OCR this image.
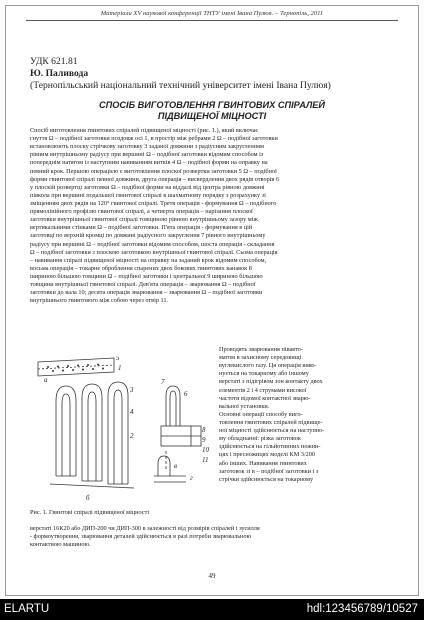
Матеріали XV наукової конференції ТНТУ імені Івана Пулюя. – Тернопіль, 2011
УДК 621.81
Ю. Паливода
(Тернопільський національний технічний університет імені Івана Пулюя)
СПОСІБ ВИГОТОВЛЕННЯ ГВИНТОВИХ СПІРАЛЕЙ
ПІДВИЩЕНОЇ МІЦНОСТІ
Спосіб виготовлення гвинтових спіралей підвищеної міцності (рис. 1.), який включає
гнуття Ω – подібної заготовки поздовж осі 1, в простір між ребрами 2 Ω – подібної заготовки
встановлюють плоску стрічкову заготовку 3 заданої довжини з радіусним закругленням
рівним внутрішньому радіусу при вершині Ω – подібної заготовки відомим способом із
попереднім натягом із наступним навиванням витків 4 Ω – подібної форми на оправку на
певний крок. Першою операцією є виготовлення плоскої розвертки заготовки 5 Ω – подібної
форми гвинтової спіралі певної довжини, друга операція – висвердлення двох рядів отворів 6
у плоскій розвертці заготовки Ω – подібної форми на віддалі від центра рівною довжині
півкола при вершині подальшої гвинтової спіралі в шахматному порядку з розрахунку зі
зміщенням двох рядів на 120° гвинтової спіралі. Третя операція - формування Ω – подібного
прямолінійного профілю гвинтової спіралі, а четверта операція – нарізання плоскої
заготовки внутрішньої гвинтової спіралі товщиною рівною внутрішньому зазору між
вертикальними стінками Ω – подібної заготовки. П'ята операція - формування в цій
заготовці по верхній кромці по довжині радіусного закруглення 7 рівного внутрішньому
радіусу при вершині Ω – подібної заготовки відомим способом, шоста операція - складання
Ω – подібної заготовки з плоскою заготовкою внутрішньої гвинтової спіралі. Сьома операція
– навивання спіралі підвищеної міцності на оправку на заданий крок відомим способом,
восьма операція – токарне оброблення спарених двох бокових гвинтових канавок 8
шириною більшою товщини Ω – подібної заготовки і центральної 9 шириною більшою
товщини внутрішньої гвинтової спіралі. Дев'ята операція – зварювання Ω – подібної
заготовки до вала 10; десята операція зварювання – зварювання Ω – подібної заготовки
внутрішнього гвинтового між собою через отвір 11.
5
1
а
3
4
2
7
6
8
9
10
11
б
в
г
Проводять зварювання півавто-
матом в захисному середовищі
вуглекислого газу. Ця операція вико-
нується на токарному або іншому
верстаті з підігрівом зон контакту двох
елементів 2 і 4 струмами високої
частоти відомої контактної зварю-
вальної установки.
Основні операції способу виго-
товлення гвинтових спіралей підвище-
ної міцності здійснюється на наступно-
му обладнанні: різка заготовок
здійснюється на гільйотинних ножни-
цях і пресножицях моделі КМ 3/200
або інших. Навивання гвинтових
заготовок зі в – подібної заготовки і з
стрічки здійснюється на токарному
Рис. 1. Гвинтові спіралі підвищеної міцності
верстаті 16К20 або ДИП-200 чи ДИП-300 в залежності від розмірів спіралей і зусилля
- формоутворення, зварювання деталей здійснюється в разі потреби зварювальною
контактною машиною.
49
ELARTU	hdl:123456789/10527
